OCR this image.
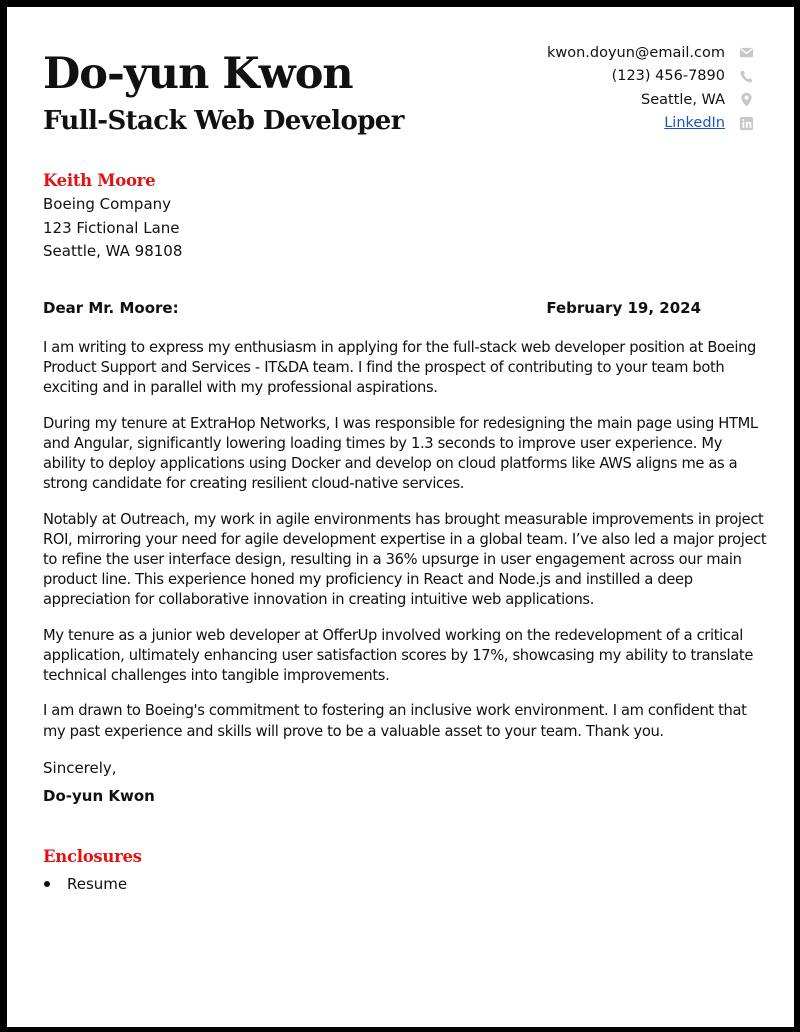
Do-yun Kwon
Full-Stack Web Developer
kwon.doyun@email.com
(123) 456-7890
Seattle, WA
LinkedIn
Keith Moore
Boeing Company
123 Fictional Lane
Seattle, WA 98108
Dear Mr. Moore:	February 19, 2024

I am writing to express my enthusiasm in applying for the full-stack web developer position at Boeing Product Support and Services - IT&DA team. I find the prospect of contributing to your team both exciting and in parallel with my professional aspirations.

During my tenure at ExtraHop Networks, I was responsible for redesigning the main page using HTML and Angular, significantly lowering loading times by 1.3 seconds to improve user experience. My ability to deploy applications using Docker and develop on cloud platforms like AWS aligns me as a strong candidate for creating resilient cloud-native services.

Notably at Outreach, my work in agile environments has brought measurable improvements in project ROI, mirroring your need for agile development expertise in a global team. I’ve also led a major project to refine the user interface design, resulting in a 36% upsurge in user engagement across our main product line. This experience honed my proficiency in React and Node.js and instilled a deep appreciation for collaborative innovation in creating intuitive web applications.

My tenure as a junior web developer at OfferUp involved working on the redevelopment of a critical application, ultimately enhancing user satisfaction scores by 17%, showcasing my ability to translate technical challenges into tangible improvements.

I am drawn to Boeing's commitment to fostering an inclusive work environment. I am confident that my past experience and skills will prove to be a valuable asset to your team. Thank you.

Sincerely,
Do-yun Kwon
Enclosures
Resume
